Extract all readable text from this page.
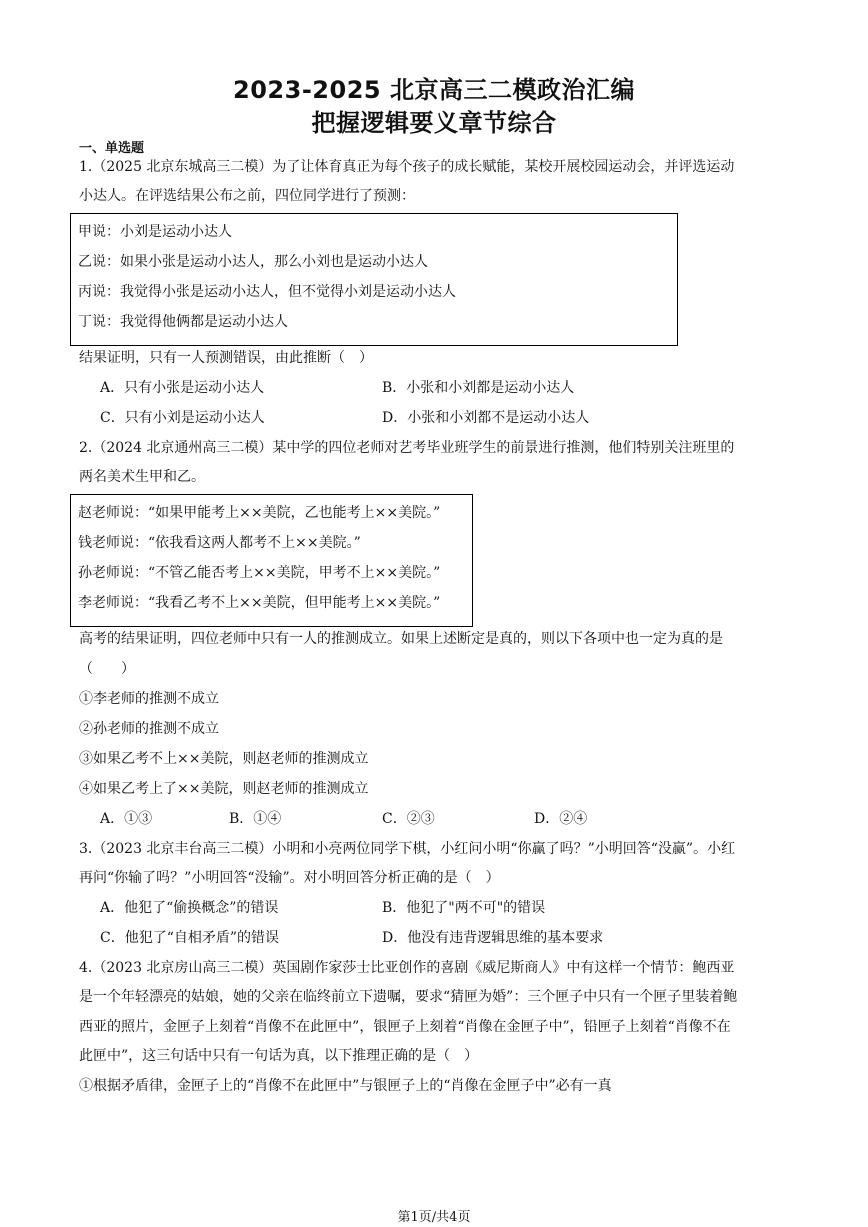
2023-2025 北京高三二模政治汇编
把握逻辑要义章节综合
一、单选题
1.（2025 北京东城高三二模）为了让体育真正为每个孩子的成长赋能，某校开展校园运动会，并评选运动
小达人。在评选结果公布之前，四位同学进行了预测：
甲说：小刘是运动小达人
乙说：如果小张是运动小达人，那么小刘也是运动小达人
丙说：我觉得小张是运动小达人，但不觉得小刘是运动小达人
丁说：我觉得他俩都是运动小达人
结果证明，只有一人预测错误，由此推断（　）
A．只有小张是运动小达人	B．小张和小刘都是运动小达人
C．只有小刘是运动小达人	D．小张和小刘都不是运动小达人
2.（2024 北京通州高三二模）某中学的四位老师对艺考毕业班学生的前景进行推测，他们特别关注班里的
两名美术生甲和乙。
赵老师说：“如果甲能考上××美院，乙也能考上××美院。”
钱老师说：“依我看这两人都考不上××美院。”
孙老师说：“不管乙能否考上××美院，甲考不上××美院。”
李老师说：“我看乙考不上××美院，但甲能考上××美院。”
高考的结果证明，四位老师中只有一人的推测成立。如果上述断定是真的，则以下各项中也一定为真的是
（　　）
①李老师的推测不成立
②孙老师的推测不成立
③如果乙考不上××美院，则赵老师的推测成立
④如果乙考上了××美院，则赵老师的推测成立
A．①③	B．①④	C．②③	D．②④
3.（2023 北京丰台高三二模）小明和小亮两位同学下棋，小红问小明“你赢了吗？”小明回答“没赢”。小红
再问“你输了吗？”小明回答“没输”。对小明回答分析正确的是（　）
A．他犯了“偷换概念”的错误	B．他犯了"两不可"的错误
C．他犯了“自相矛盾”的错误	D．他没有违背逻辑思维的基本要求
4.（2023 北京房山高三二模）英国剧作家莎士比亚创作的喜剧《威尼斯商人》中有这样一个情节：鲍西亚
是一个年轻漂亮的姑娘，她的父亲在临终前立下遗嘱，要求“猜匣为婚”：三个匣子中只有一个匣子里装着鲍
西亚的照片，金匣子上刻着“肖像不在此匣中”，银匣子上刻着“肖像在金匣子中”，铅匣子上刻着“肖像不在
此匣中”，这三句话中只有一句话为真，以下推理正确的是（　）
①根据矛盾律，金匣子上的“肖像不在此匣中”与银匣子上的“肖像在金匣子中”必有一真
第1页/共4页
